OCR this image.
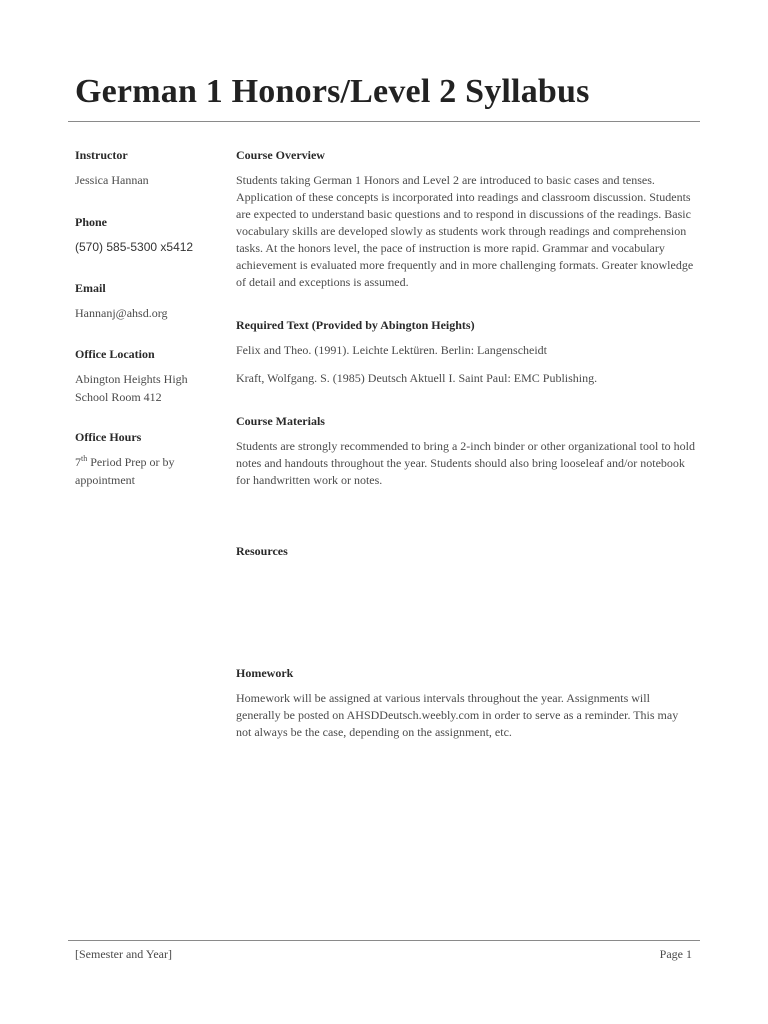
German 1 Honors/Level 2 Syllabus

Instructor

Jessica Hannan

Phone

(570) 585-5300 x5412

Email

Hannanj@ahsd.org

Office Location

Abington Heights High

School Room 412

Office Hours

7th Period Prep or by

appointment

Course Overview

Students taking German 1 Honors and Level 2 are introduced to basic cases and tenses. Application of these concepts is incorporated into readings and classroom discussion. Students are expected to understand basic questions and to respond in discussions of the readings. Basic vocabulary skills are developed slowly as students work through readings and comprehension tasks. At the honors level, the pace of instruction is more rapid. Grammar and vocabulary achievement is evaluated more frequently and in more challenging formats. Greater knowledge of detail and exceptions is assumed.

Required Text (Provided by Abington Heights)

Felix and Theo. (1991). Leichte Lektüren. Berlin: Langenscheidt

Kraft, Wolfgang. S. (1985) Deutsch Aktuell I. Saint Paul: EMC Publishing.

Course Materials

Students are strongly recommended to bring a 2-inch binder or other organizational tool to hold notes and handouts throughout the year. Students should also bring looseleaf and/or notebook for handwritten work or notes.

Resources

Homework

Homework will be assigned at various intervals throughout the year. Assignments will generally be posted on AHSDDeutsch.weebly.com in order to serve as a reminder. This may not always be the case, depending on the assignment, etc.

[Semester and Year]	Page 1
